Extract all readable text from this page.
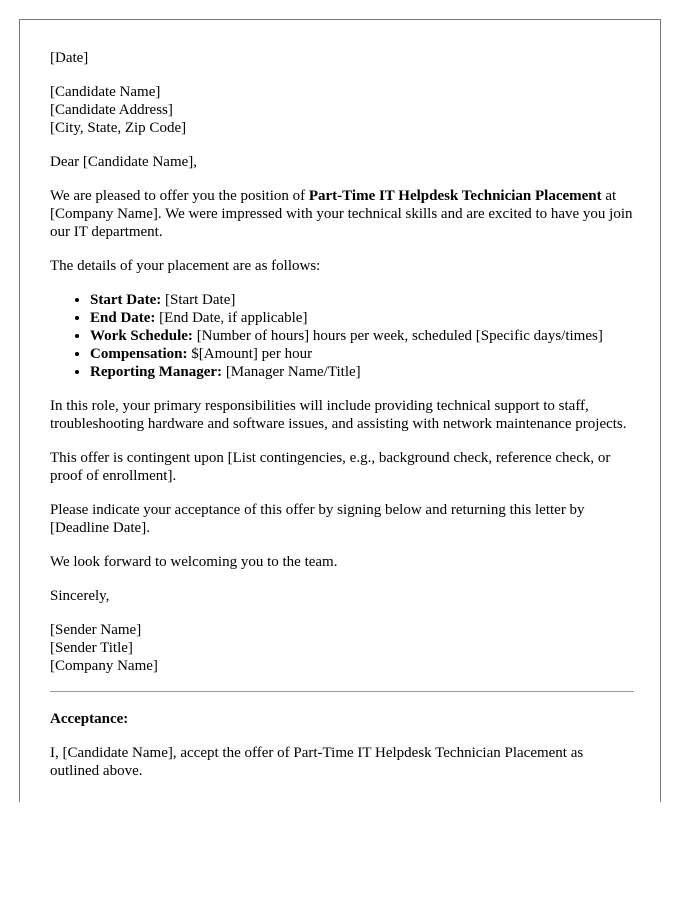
[Date]

[Candidate Name]
[Candidate Address]
[City, State, Zip Code]

Dear [Candidate Name],

We are pleased to offer you the position of Part-Time IT Helpdesk Technician Placement at [Company Name]. We were impressed with your technical skills and are excited to have you join our IT department.

The details of your placement are as follows:

• Start Date: [Start Date]
• End Date: [End Date, if applicable]
• Work Schedule: [Number of hours] hours per week, scheduled [Specific days/times]
• Compensation: $[Amount] per hour
• Reporting Manager: [Manager Name/Title]

In this role, your primary responsibilities will include providing technical support to staff, troubleshooting hardware and software issues, and assisting with network maintenance projects.

This offer is contingent upon [List contingencies, e.g., background check, reference check, or proof of enrollment].

Please indicate your acceptance of this offer by signing below and returning this letter by [Deadline Date].

We look forward to welcoming you to the team.

Sincerely,

[Sender Name]
[Sender Title]
[Company Name]

Acceptance:

I, [Candidate Name], accept the offer of Part-Time IT Helpdesk Technician Placement as outlined above.
